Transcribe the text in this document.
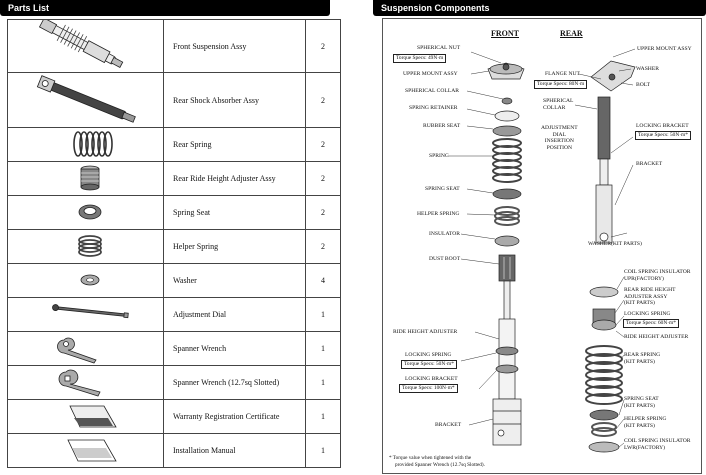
Parts List	Suspension Components
	Front Suspension Assy	2

	Rear Shock Absorber Assy	2

	Rear Spring	2

	Rear Ride Height Adjuster Assy	2

	Spring Seat	2

	Helper Spring	2

	Washer	4

	Adjustment Dial	1

	Spanner Wrench	1

	Spanner Wrench (12.7sq Slotted)	1

	Warranty Registration Certificate	1

	Installation Manual	1
FRONT	REAR
SPHERICAL NUT
Torque Specs: 49N·m
UPPER MOUNT ASSY
SPHERICAL COLLAR
SPRING RETAINER
RUBBER SEAT
SPRING
SPRING SEAT
HELPER SPRING
INSULATOR
DUST BOOT
RIDE HEIGHT ADJUSTER
LOCKING SPRING
Torque Specs: 50N·m*
LOCKING BRACKET
Torque Specs: 100N·m*
BRACKET
UPPER MOUNT ASSY
FLANGE NUT
Torque Specs: 80N·m
WASHER
BOLT
SPHERICAL
COLLAR
ADJUSTMENT
DIAL
INSERTION
POSITION
LOCKING BRACKET
Torque Specs: 50N·m*
BRACKET
WASHER(KIT PARTS)
COIL SPRING INSULATOR
UPR(FACTORY)
REAR RIDE HEIGHT
ADJUSTER ASSY
(KIT PARTS)
LOCKING SPRING
Torque Specs: 60N·m*
RIDE HEIGHT ADJUSTER
REAR SPRING
(KIT PARTS)
SPRING SEAT
(KIT PARTS)
HELPER SPRING
(KIT PARTS)
COIL SPRING INSULATOR
LWR(FACTORY)
* Torque value when tightened with the
provided Spanner Wrench (12.7sq Slotted).
